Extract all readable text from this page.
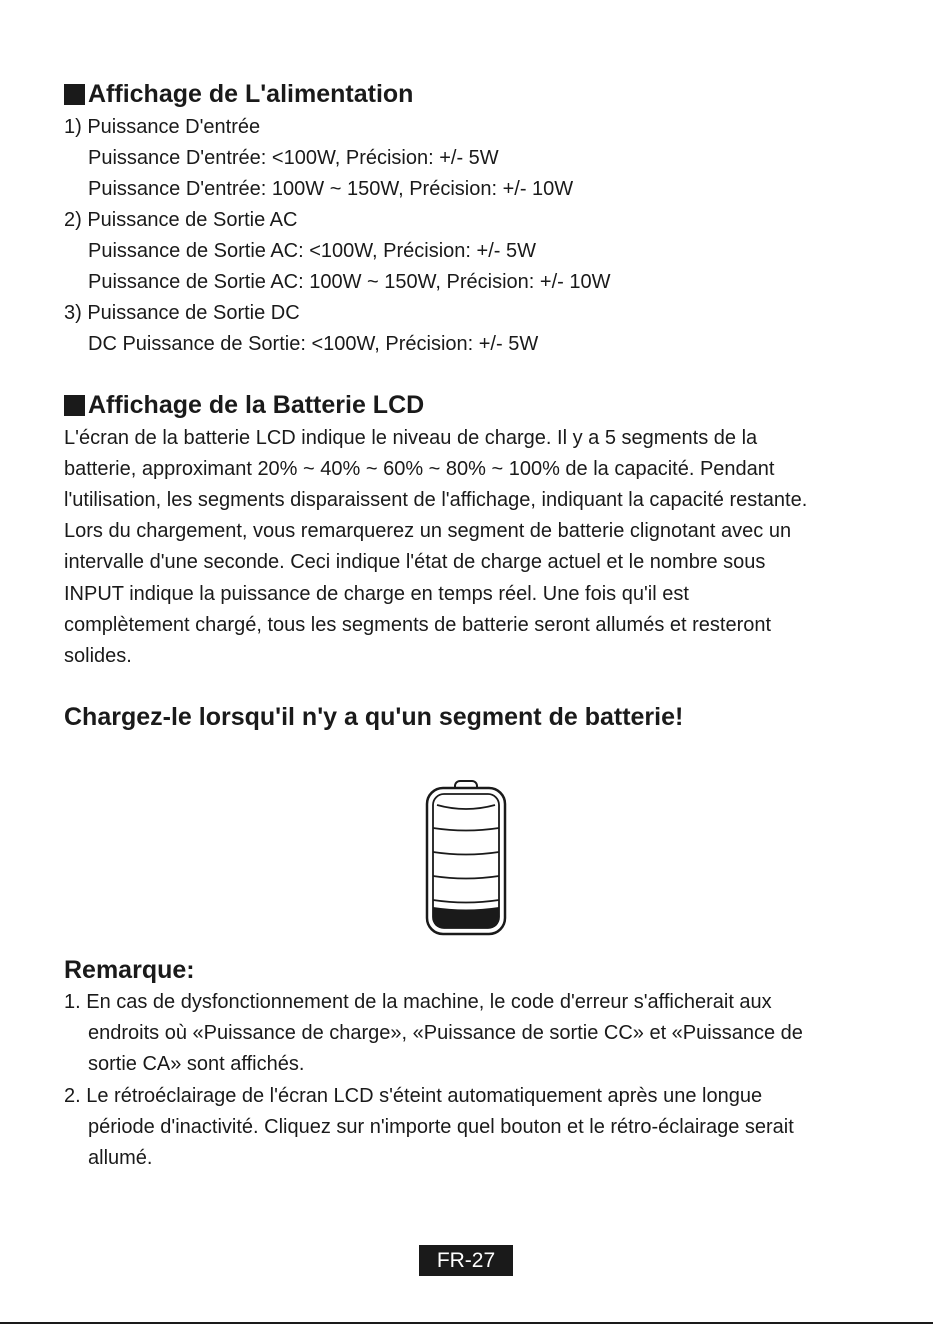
Affichage de L'alimentation
1) Puissance D'entrée
Puissance D'entrée: <100W, Précision: +/- 5W
Puissance D'entrée: 100W ~ 150W, Précision: +/- 10W
2) Puissance de Sortie AC
Puissance de Sortie AC: <100W, Précision: +/- 5W
Puissance de Sortie AC: 100W ~ 150W, Précision: +/- 10W
3) Puissance de Sortie DC
DC Puissance de Sortie: <100W, Précision: +/- 5W
Affichage de la Batterie LCD
L'écran de la batterie LCD indique le niveau de charge. Il y a 5 segments de la
batterie, approximant 20% ~ 40% ~ 60% ~ 80% ~ 100% de la capacité. Pendant
l'utilisation, les segments disparaissent de l'affichage, indiquant la capacité restante.
Lors du chargement, vous remarquerez un segment de batterie clignotant avec un
intervalle d'une seconde. Ceci indique l'état de charge actuel et le nombre sous
INPUT indique la puissance de charge en temps réel. Une fois qu'il est
complètement chargé, tous les segments de batterie seront allumés et resteront
solides.
Chargez-le lorsqu'il n'y a qu'un segment de batterie!
Remarque:
1. En cas de dysfonctionnement de la machine, le code d'erreur s'afficherait aux
endroits où «Puissance de charge», «Puissance de sortie CC» et «Puissance de
sortie CA» sont affichés.
2. Le rétroéclairage de l'écran LCD s'éteint automatiquement après une longue
période d'inactivité. Cliquez sur n'importe quel bouton et le rétro-éclairage serait
allumé.
FR-27
